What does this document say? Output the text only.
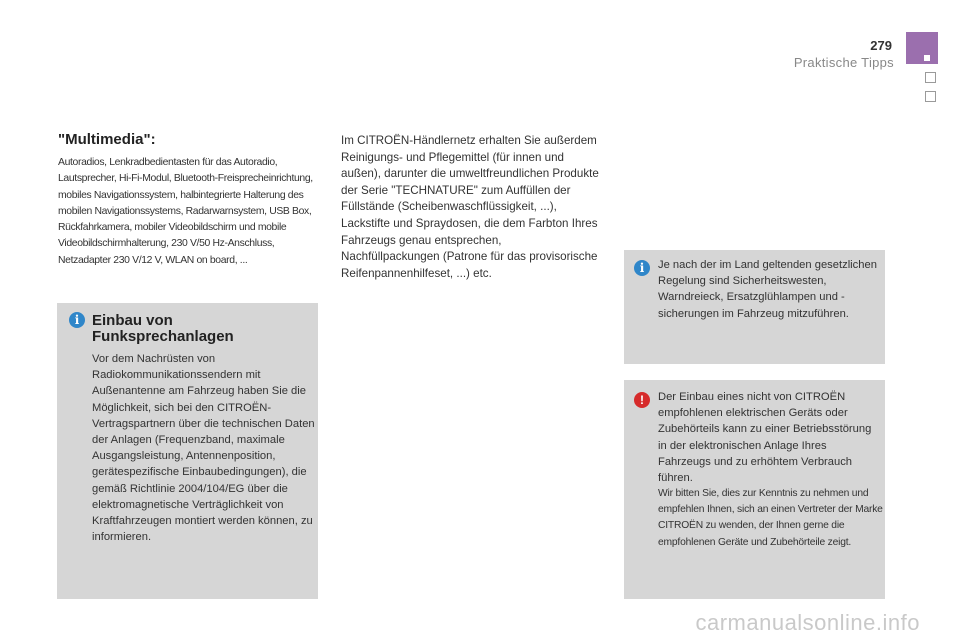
279
Praktische Tipps
"Multimedia":

Autoradios, Lenkradbedientasten für das Autoradio, Lautsprecher, Hi-Fi-Modul, Bluetooth-Freisprecheinrichtung, mobiles Navigationssystem, halbintegrierte Halterung des mobilen Navigationssystems, Radarwarnsystem, USB Box, Rückfahrkamera, mobiler Videobildschirm und mobile Videobildschirmhalterung, 230 V/50 Hz-Anschluss, Netzadapter 230 V/12 V, WLAN on board, ...

Im CITROËN-Händlernetz erhalten Sie außerdem Reinigungs- und Pflegemittel (für innen und außen), darunter die umweltfreundlichen Produkte der Serie "TECHNATURE" zum Auffüllen der Füllstände (Scheibenwaschflüssigkeit, ...), Lackstifte und Spraydosen, die dem Farbton Ihres Fahrzeugs genau entsprechen, Nachfüllpackungen (Patrone für das provisorische Reifenpannenhilfeset, ...) etc.

i Einbau von Funksprechanlagen

Vor dem Nachrüsten von Radiokommunikationssendern mit Außenantenne am Fahrzeug haben Sie die Möglichkeit, sich bei den CITROËN-Vertragspartnern über die technischen Daten der Anlagen (Frequenzband, maximale Ausgangsleistung, Antennenposition, gerätespezifische Einbaubedingungen), die gemäß Richtlinie 2004/104/EG über die elektromagnetische Verträglichkeit von Kraftfahrzeugen montiert werden können, zu informieren.

i	Je nach der im Land geltenden gesetzlichen Regelung sind Sicherheitswesten, Warndreieck, Ersatzglühlampen und -sicherungen im Fahrzeug mitzuführen.

!	Der Einbau eines nicht von CITROËN empfohlenen elektrischen Geräts oder Zubehörteils kann zu einer Betriebsstörung in der elektronischen Anlage Ihres Fahrzeugs und zu erhöhtem Verbrauch führen.

Wir bitten Sie, dies zur Kenntnis zu nehmen und empfehlen Ihnen, sich an einen Vertreter der Marke CITROËN zu wenden, der Ihnen gerne die empfohlenen Geräte und Zubehörteile zeigt.

carmanualsonline.info
